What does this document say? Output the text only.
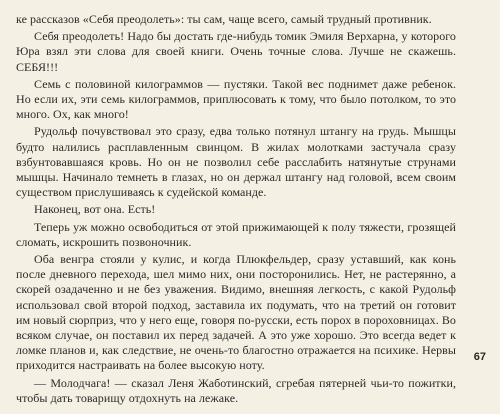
ке рассказов «Себя преодолеть»: ты сам, чаще всего, самый трудный противник.

Себя преодолеть! Надо бы достать где-нибудь томик Эмиля Верхарна, у которого Юра взял эти слова для своей книги. Очень точные слова. Лучше не скажешь. СЕБЯ!!!

Семь с половиной килограммов — пустяки. Такой вес поднимет даже ребенок. Но если их, эти семь килограммов, приплюсовать к тому, что было потолком, то это много. Ох, как много!

Рудольф почувствовал это сразу, едва только потянул штангу на грудь. Мышцы будто налились расплавленным свинцом. В жилах молотками застучала сразу взбунтовавшаяся кровь. Но он не позволил себе расслабить натянутые струнами мышцы. Начинало темнеть в глазах, но он держал штангу над головой, всем своим существом прислушиваясь к судейской команде.

Наконец, вот она. Есть!

Теперь уж можно освободиться от этой прижимающей к полу тяжести, грозящей сломать, искрошить позвоночник.

Оба венгра стояли у кулис, и когда Плюкфельдер, сразу уставший, как конь после дневного перехода, шел мимо них, они посторонились. Нет, не растерянно, а скорей озадаченно и не без уважения. Видимо, внешняя легкость, с какой Рудольф использовал свой второй подход, заставила их подумать, что на третий он готовит им новый сюрприз, что у него еще, говоря по-русски, есть порох в пороховницах. Во всяком случае, он поставил их перед задачей. А это уже хорошо. Это всегда ведет к ломке планов и, как следствие, не очень-то благостно отражается на психике. Нервы приходится настраивать на более высокую ноту.

— Молодчага! — сказал Леня Жаботинский, сгребая пятерней чьи-то пожитки, чтобы дать товарищу отдохнуть на лежаке.

67
